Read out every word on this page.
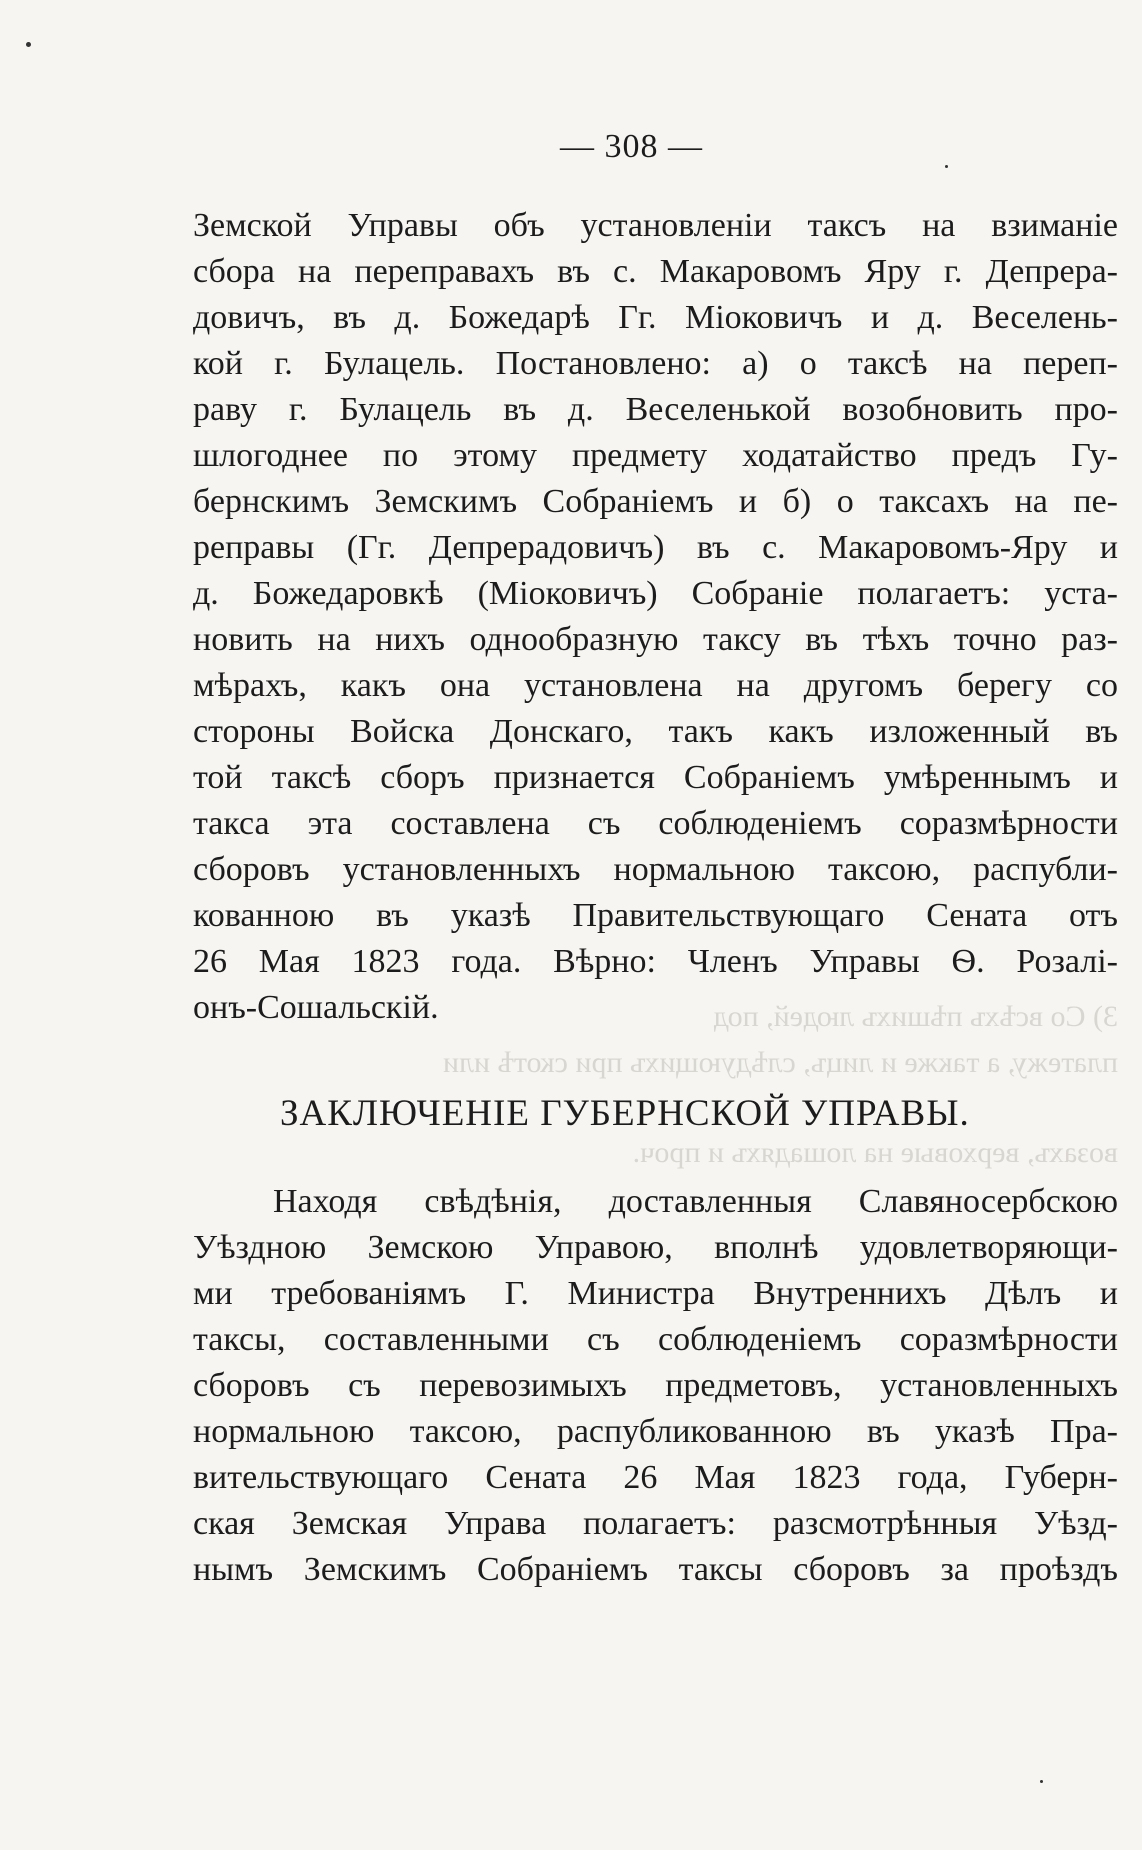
— 308 —
3) Со всѣхъ пѣшихъ людей, под
платежу, а также и лицъ, слѣдующихъ при скотѣ или
возахъ, верховые на лошадяхъ и проч.
Земской Управы объ установленіи таксъ на взиманіе
сбора на переправахъ въ с. Макаровомъ Яру г. Депрера-
довичъ, въ д. Божедарѣ Гг. Міоковичъ и д. Веселень-
кой г. Булацель. Постановлено: а) о таксѣ на переп-
раву г. Булацель въ д. Веселенькой возобновить про-
шлогоднее по этому предмету ходатайство предъ Гу-
бернскимъ Земскимъ Собраніемъ и б) о таксахъ на пе-
реправы (Гг. Депрерадовичъ) въ с. Макаровомъ-Яру и
д. Божедаровкѣ (Міоковичъ) Собраніе полагаетъ: уста-
новить на нихъ однообразную таксу въ тѣхъ точно раз-
мѣрахъ, какъ она установлена на другомъ берегу со
стороны Войска Донскаго, такъ какъ изложенный въ
той таксѣ сборъ признается Собраніемъ умѣреннымъ и
такса эта составлена съ соблюденіемъ соразмѣрности
сборовъ установленныхъ нормальною таксою, распубли-
кованною въ указѣ Правительствующаго Сената отъ
26 Мая 1823 года. Вѣрно: Членъ Управы Ѳ. Розалі-
онъ-Сошальскій.
ЗАКЛЮЧЕНІЕ ГУБЕРНСКОЙ УПРАВЫ.
Находя свѣдѣнія, доставленныя Славяносербскою
Уѣздною Земскою Управою, вполнѣ удовлетворяющи-
ми требованіямъ Г. Министра Внутреннихъ Дѣлъ и
таксы, составленными съ соблюденіемъ соразмѣрности
сборовъ съ перевозимыхъ предметовъ, установленныхъ
нормальною таксою, распубликованною въ указѣ Пра-
вительствующаго Сената 26 Мая 1823 года, Губерн-
ская Земская Управа полагаетъ: разсмотрѣнныя Уѣзд-
нымъ Земскимъ Собраніемъ таксы сборовъ за проѣздъ
